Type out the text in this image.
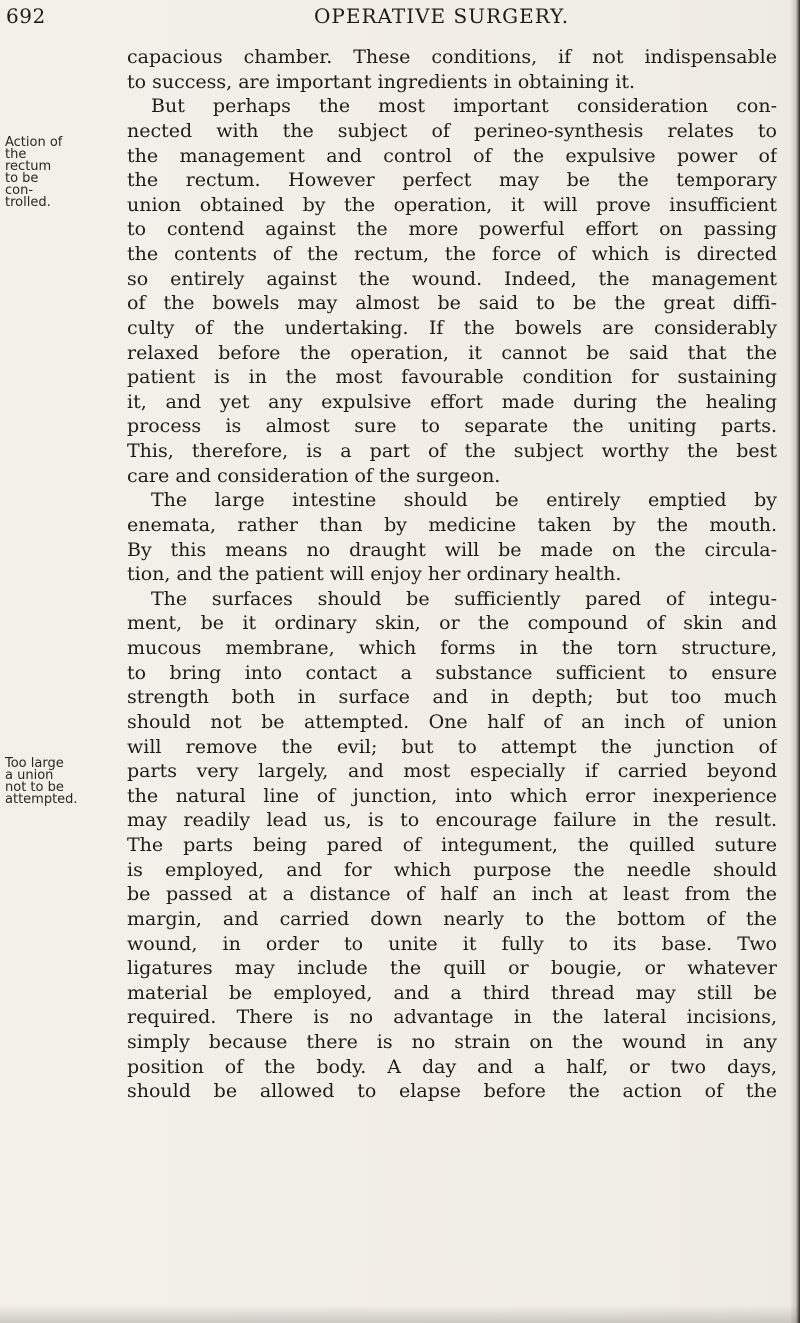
692	OPERATIVE SURGERY.
Action of
the rectum
to be con-
trolled.
Too large
a union
not to be
attempted.
capacious chamber. These conditions, if not indispensable
to success, are important ingredients in obtaining it.
But perhaps the most important consideration con-
nected with the subject of perineo-synthesis relates to
the management and control of the expulsive power of
the rectum. However perfect may be the temporary
union obtained by the operation, it will prove insufficient
to contend against the more powerful effort on passing
the contents of the rectum, the force of which is directed
so entirely against the wound. Indeed, the management
of the bowels may almost be said to be the great diffi-
culty of the undertaking. If the bowels are considerably
relaxed before the operation, it cannot be said that the
patient is in the most favourable condition for sustaining
it, and yet any expulsive effort made during the healing
process is almost sure to separate the uniting parts.
This, therefore, is a part of the subject worthy the best
care and consideration of the surgeon.
The large intestine should be entirely emptied by
enemata, rather than by medicine taken by the mouth.
By this means no draught will be made on the circula-
tion, and the patient will enjoy her ordinary health.
The surfaces should be sufficiently pared of integu-
ment, be it ordinary skin, or the compound of skin and
mucous membrane, which forms in the torn structure,
to bring into contact a substance sufficient to ensure
strength both in surface and in depth; but too much
should not be attempted. One half of an inch of union
will remove the evil; but to attempt the junction of
parts very largely, and most especially if carried beyond
the natural line of junction, into which error inexperience
may readily lead us, is to encourage failure in the result.
The parts being pared of integument, the quilled suture
is employed, and for which purpose the needle should
be passed at a distance of half an inch at least from the
margin, and carried down nearly to the bottom of the
wound, in order to unite it fully to its base. Two
ligatures may include the quill or bougie, or whatever
material be employed, and a third thread may still be
required. There is no advantage in the lateral incisions,
simply because there is no strain on the wound in any
position of the body. A day and a half, or two days,
should be allowed to elapse before the action of the
